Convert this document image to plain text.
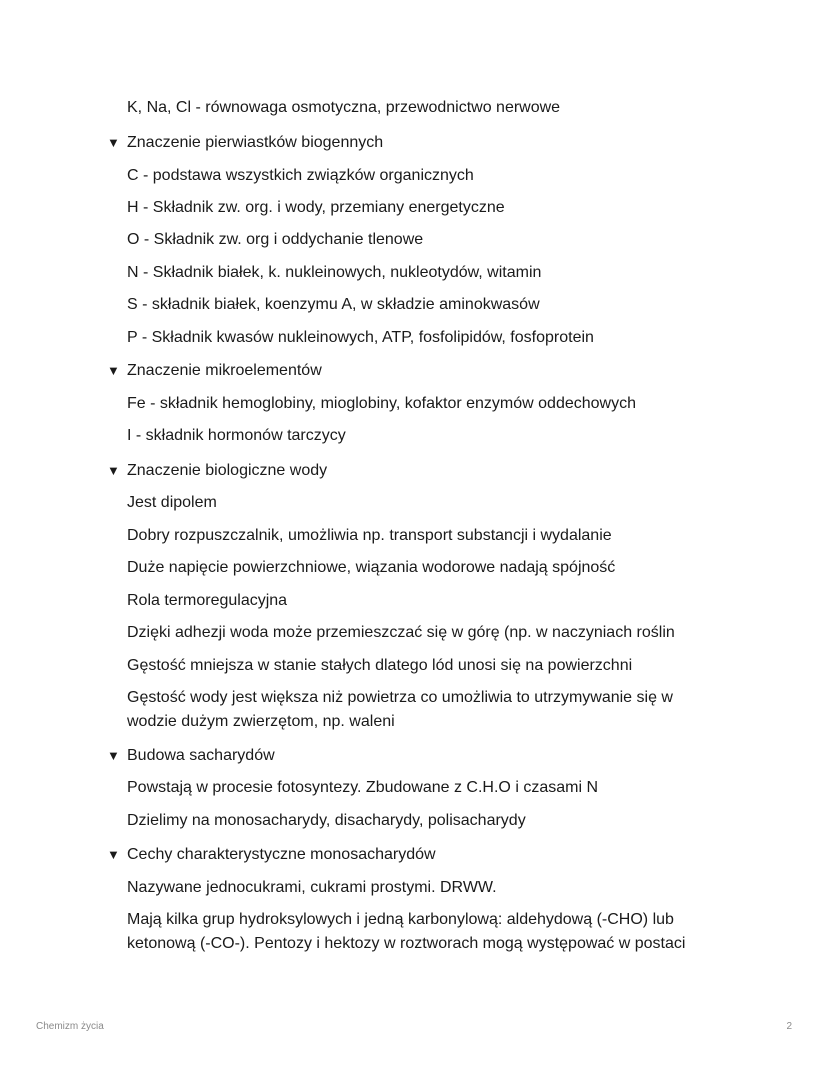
K, Na, Cl - równowaga osmotyczna, przewodnictwo nerwowe
▼ Znaczenie pierwiastków biogennych
C - podstawa wszystkich związków organicznych
H - Składnik zw. org. i wody, przemiany energetyczne
O - Składnik zw. org i oddychanie tlenowe
N - Składnik białek, k. nukleinowych, nukleotydów, witamin
S - składnik białek, koenzymu A, w składzie aminokwasów
P - Składnik kwasów nukleinowych, ATP, fosfolipidów, fosfoprotein
▼ Znaczenie mikroelementów
Fe - składnik hemoglobiny, mioglobiny, kofaktor enzymów oddechowych
I - składnik hormonów tarczycy
▼ Znaczenie biologiczne wody
Jest dipolem
Dobry rozpuszczalnik, umożliwia np. transport substancji i wydalanie
Duże napięcie powierzchniowe, wiązania wodorowe nadają spójność
Rola termoregulacyjna
Dzięki adhezji woda może przemieszczać się w górę (np. w naczyniach roślin
Gęstość mniejsza w stanie stałych dlatego lód unosi się na powierzchni
Gęstość wody jest większa niż powietrza co umożliwia to utrzymywanie się w wodzie dużym zwierzętom, np. waleni
▼ Budowa sacharydów
Powstają w procesie fotosyntezy. Zbudowane z C.H.O i czasami N
Dzielimy na monosacharydy, disacharydy, polisacharydy
▼ Cechy charakterystyczne monosacharydów
Nazywane jednocukrami, cukrami prostymi. DRWW.
Mają kilka grup hydroksylowych i jedną karbonylową: aldehydową (-CHO) lub ketonową (-CO-). Pentozy i hektozy w roztworach mogą występować w postaci
Chemizm życia	2
